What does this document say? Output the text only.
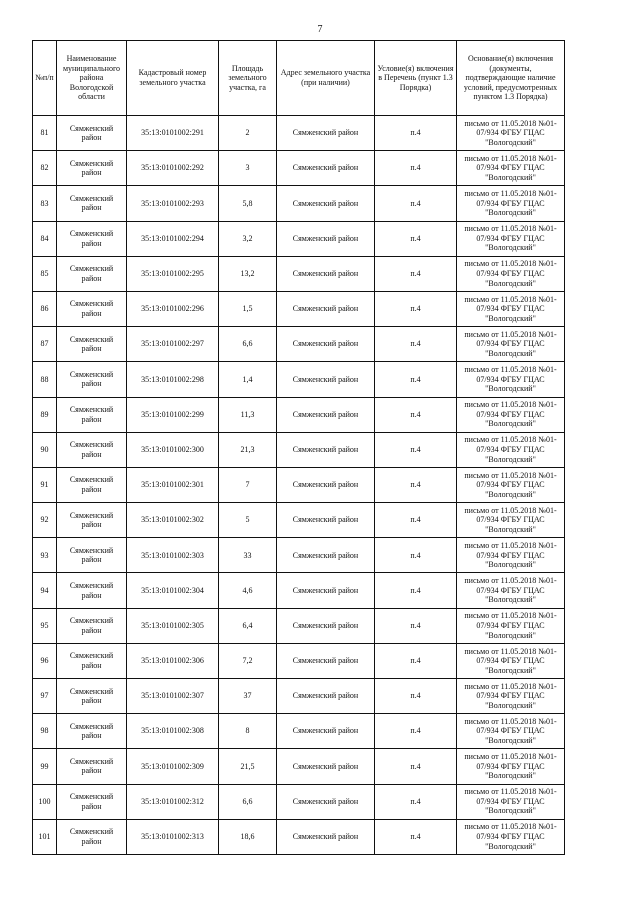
7
№п/п	Наименование муниципального района Вологодской области	Кадастровый номер земельного участка	Площадь земельного участка, га	Адрес земельного участка (при наличии)	Условие(я) включения в Перечень (пункт 1.3 Порядка)	Основание(я) включения (документы, подтверждающие наличие условий, предусмотренных пунктом 1.3 Порядка)
81	Сямженский район	35:13:0101002:291	2	Сямженский район	п.4	письмо от 11.05.2018 №01-07/934 ФГБУ ГЦАС "Вологодский"
82	Сямженский район	35:13:0101002:292	3	Сямженский район	п.4	письмо от 11.05.2018 №01-07/934 ФГБУ ГЦАС "Вологодский"
83	Сямженский район	35:13:0101002:293	5,8	Сямженский район	п.4	письмо от 11.05.2018 №01-07/934 ФГБУ ГЦАС "Вологодский"
84	Сямженский район	35:13:0101002:294	3,2	Сямженский район	п.4	письмо от 11.05.2018 №01-07/934 ФГБУ ГЦАС "Вологодский"
85	Сямженский район	35:13:0101002:295	13,2	Сямженский район	п.4	письмо от 11.05.2018 №01-07/934 ФГБУ ГЦАС "Вологодский"
86	Сямженский район	35:13:0101002:296	1,5	Сямженский район	п.4	письмо от 11.05.2018 №01-07/934 ФГБУ ГЦАС "Вологодский"
87	Сямженский район	35:13:0101002:297	6,6	Сямженский район	п.4	письмо от 11.05.2018 №01-07/934 ФГБУ ГЦАС "Вологодский"
88	Сямженский район	35:13:0101002:298	1,4	Сямженский район	п.4	письмо от 11.05.2018 №01-07/934 ФГБУ ГЦАС "Вологодский"
89	Сямженский район	35:13:0101002:299	11,3	Сямженский район	п.4	письмо от 11.05.2018 №01-07/934 ФГБУ ГЦАС "Вологодский"
90	Сямженский район	35:13:0101002:300	21,3	Сямженский район	п.4	письмо от 11.05.2018 №01-07/934 ФГБУ ГЦАС "Вологодский"
91	Сямженский район	35:13:0101002:301	7	Сямженский район	п.4	письмо от 11.05.2018 №01-07/934 ФГБУ ГЦАС "Вологодский"
92	Сямженский район	35:13:0101002:302	5	Сямженский район	п.4	письмо от 11.05.2018 №01-07/934 ФГБУ ГЦАС "Вологодский"
93	Сямженский район	35:13:0101002:303	33	Сямженский район	п.4	письмо от 11.05.2018 №01-07/934 ФГБУ ГЦАС "Вологодский"
94	Сямженский район	35:13:0101002:304	4,6	Сямженский район	п.4	письмо от 11.05.2018 №01-07/934 ФГБУ ГЦАС "Вологодский"
95	Сямженский район	35:13:0101002:305	6,4	Сямженский район	п.4	письмо от 11.05.2018 №01-07/934 ФГБУ ГЦАС "Вологодский"
96	Сямженский район	35:13:0101002:306	7,2	Сямженский район	п.4	письмо от 11.05.2018 №01-07/934 ФГБУ ГЦАС "Вологодский"
97	Сямженский район	35:13:0101002:307	37	Сямженский район	п.4	письмо от 11.05.2018 №01-07/934 ФГБУ ГЦАС "Вологодский"
98	Сямженский район	35:13:0101002:308	8	Сямженский район	п.4	письмо от 11.05.2018 №01-07/934 ФГБУ ГЦАС "Вологодский"
99	Сямженский район	35:13:0101002:309	21,5	Сямженский район	п.4	письмо от 11.05.2018 №01-07/934 ФГБУ ГЦАС "Вологодский"
100	Сямженский район	35:13:0101002:312	6,6	Сямженский район	п.4	письмо от 11.05.2018 №01-07/934 ФГБУ ГЦАС "Вологодский"
101	Сямженский район	35:13:0101002:313	18,6	Сямженский район	п.4	письмо от 11.05.2018 №01-07/934 ФГБУ ГЦАС "Вологодский"
